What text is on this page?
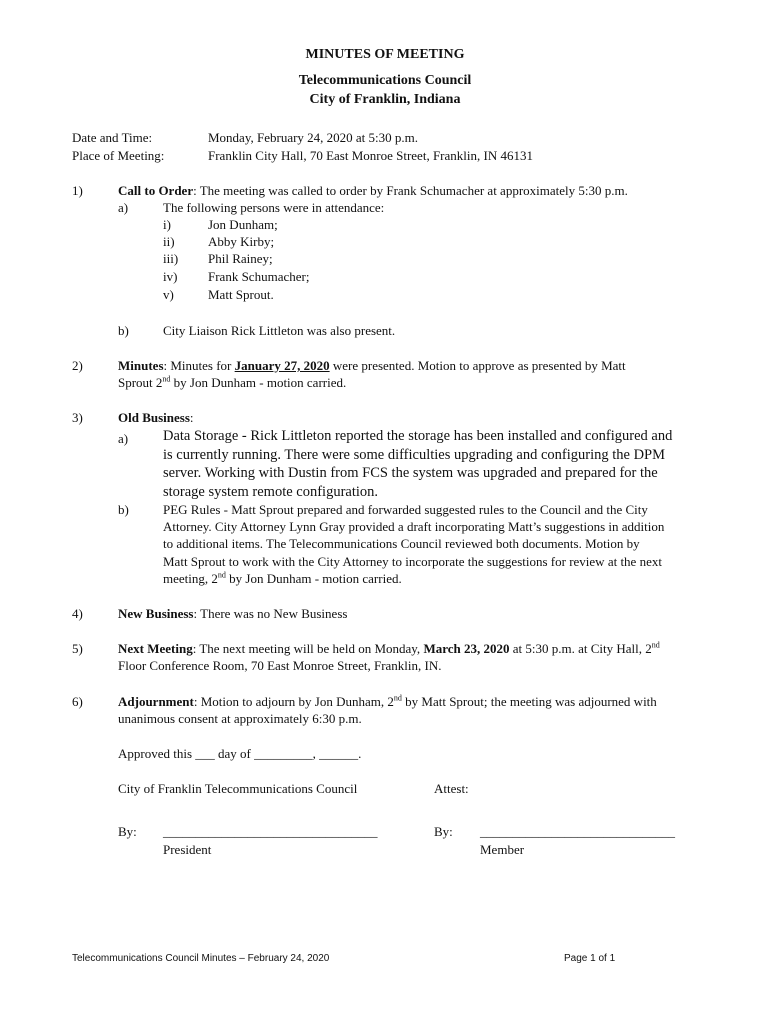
MINUTES OF MEETING
Telecommunications Council
City of Franklin, Indiana
Date and Time:	Monday, February 24, 2020 at 5:30 p.m.
Place of Meeting:	Franklin City Hall, 70 East Monroe Street, Franklin, IN 46131
1)	Call to Order: The meeting was called to order by Frank Schumacher at approximately 5:30 p.m.
a)	The following persons were in attendance:
i)	Jon Dunham;
ii)	Abby Kirby;
iii) Phil Rainey;
iv) Frank Schumacher;
v)	Matt Sprout.
b)	City Liaison Rick Littleton was also present.
2)	Minutes: Minutes for January 27, 2020 were presented. Motion to approve as presented by Matt
Sprout 2nd by Jon Dunham - motion carried.
3)	Old Business:
a) Data Storage - Rick Littleton reported the storage has been installed and configured and
is currently running. There were some difficulties upgrading and configuring the DPM
server. Working with Dustin from FCS the system was upgraded and prepared for the
storage system remote configuration.
b)	PEG Rules - Matt Sprout prepared and forwarded suggested rules to the Council and the City
Attorney. City Attorney Lynn Gray provided a draft incorporating Matt’s suggestions in addition
to additional items. The Telecommunications Council reviewed both documents. Motion by
Matt Sprout to work with the City Attorney to incorporate the suggestions for review at the next
meeting, 2nd by Jon Dunham - motion carried.
4)	New Business: There was no New Business
5)	Next Meeting: The next meeting will be held on Monday, March 23, 2020 at 5:30 p.m. at City Hall, 2nd
Floor Conference Room, 70 East Monroe Street, Franklin, IN.
6)	Adjournment: Motion to adjourn by Jon Dunham, 2nd by Matt Sprout; the meeting was adjourned with
unanimous consent at approximately 6:30 p.m.
Approved this ___ day of _________, ______.
City of Franklin Telecommunications Council	Attest:
By: _________________________________	By: ______________________________
President	Member
Telecommunications Council Minutes – February 24, 2020	Page 1 of 1
